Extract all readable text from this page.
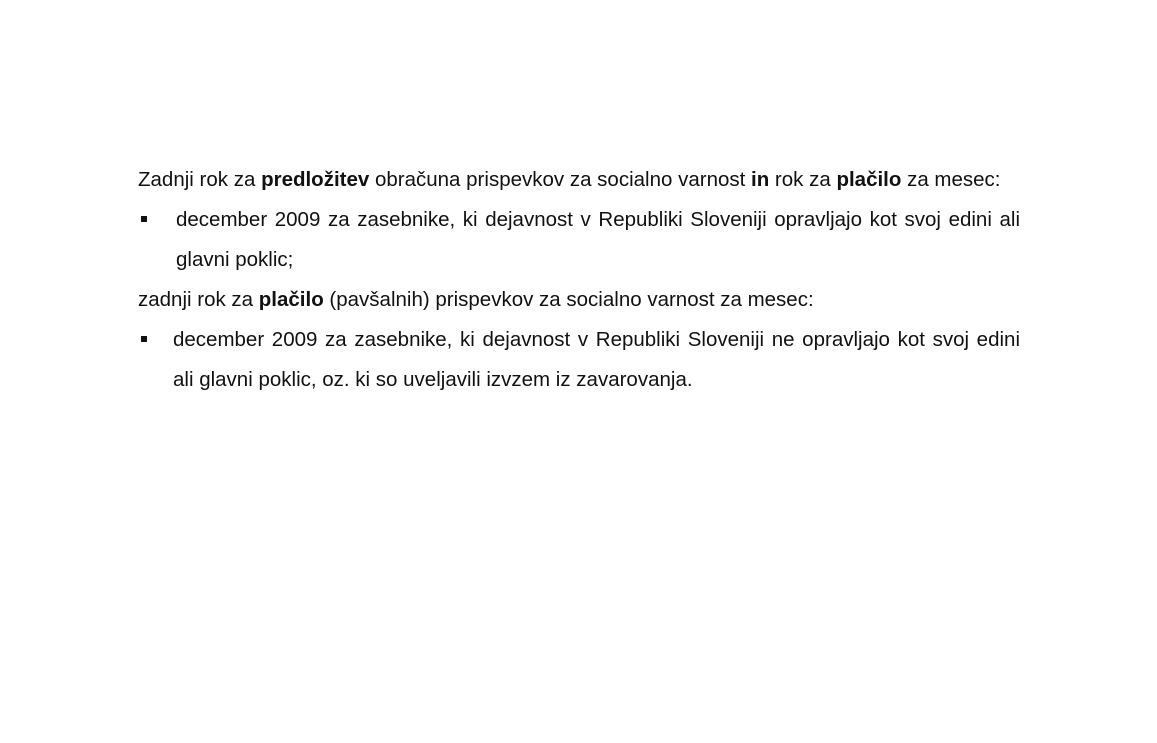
Zadnji rok za predložitev obračuna prispevkov za socialno varnost in rok za plačilo za mesec:

december 2009 za zasebnike, ki dejavnost v Republiki Sloveniji opravljajo kot svoj edini ali glavni poklic;

zadnji rok za plačilo (pavšalnih) prispevkov za socialno varnost za mesec:

december 2009 za zasebnike, ki dejavnost v Republiki Sloveniji ne opravljajo kot svoj edini ali glavni poklic, oz. ki so uveljavili izvzem iz zavarovanja.
